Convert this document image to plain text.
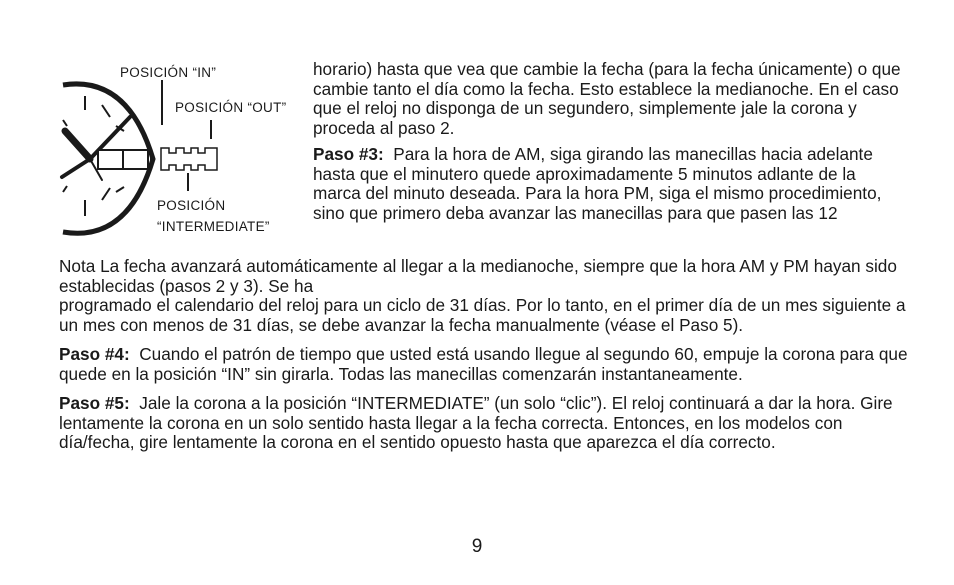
POSICIÓN “IN”
POSICIÓN “OUT”
POSICIÓN
“INTERMEDIATE”

horario) hasta que vea que cambie la fecha (para la fecha únicamente) o que cambie tanto el día como la fecha. Esto establece la medianoche. En el caso que el reloj no disponga de un segundero, simplemente jale la corona y proceda al paso 2.

Paso #3: Para la hora de AM, siga girando las manecillas hacia adelante hasta que el minutero quede aproximadamente 5 minutos adlante de la marca del minuto deseada. Para la hora PM, siga el mismo procedimiento, sino que primero deba avanzar las manecillas para que pasen las 12

Nota La fecha avanzará automáticamente al llegar a la medianoche, siempre que la hora AM y PM hayan sido establecidas (pasos 2 y 3). Se ha

programado el calendario del reloj para un ciclo de 31 días. Por lo tanto, en el primer día de un mes siguiente a un mes con menos de 31 días, se debe avanzar la fecha manualmente (véase el Paso 5).

Paso #4: Cuando el patrón de tiempo que usted está usando llegue al segundo 60, empuje la corona para que quede en la posición “IN” sin girarla. Todas las manecillas comenzarán instantaneamente.

Paso #5: Jale la corona a la posición “INTERMEDIATE” (un solo “clic”). El reloj continuará a dar la hora. Gire lentamente la corona en un solo sentido hasta llegar a la fecha correcta. Entonces, en los modelos con día/fecha, gire lentamente la corona en el sentido opuesto hasta que aparezca el día correcto.

9
